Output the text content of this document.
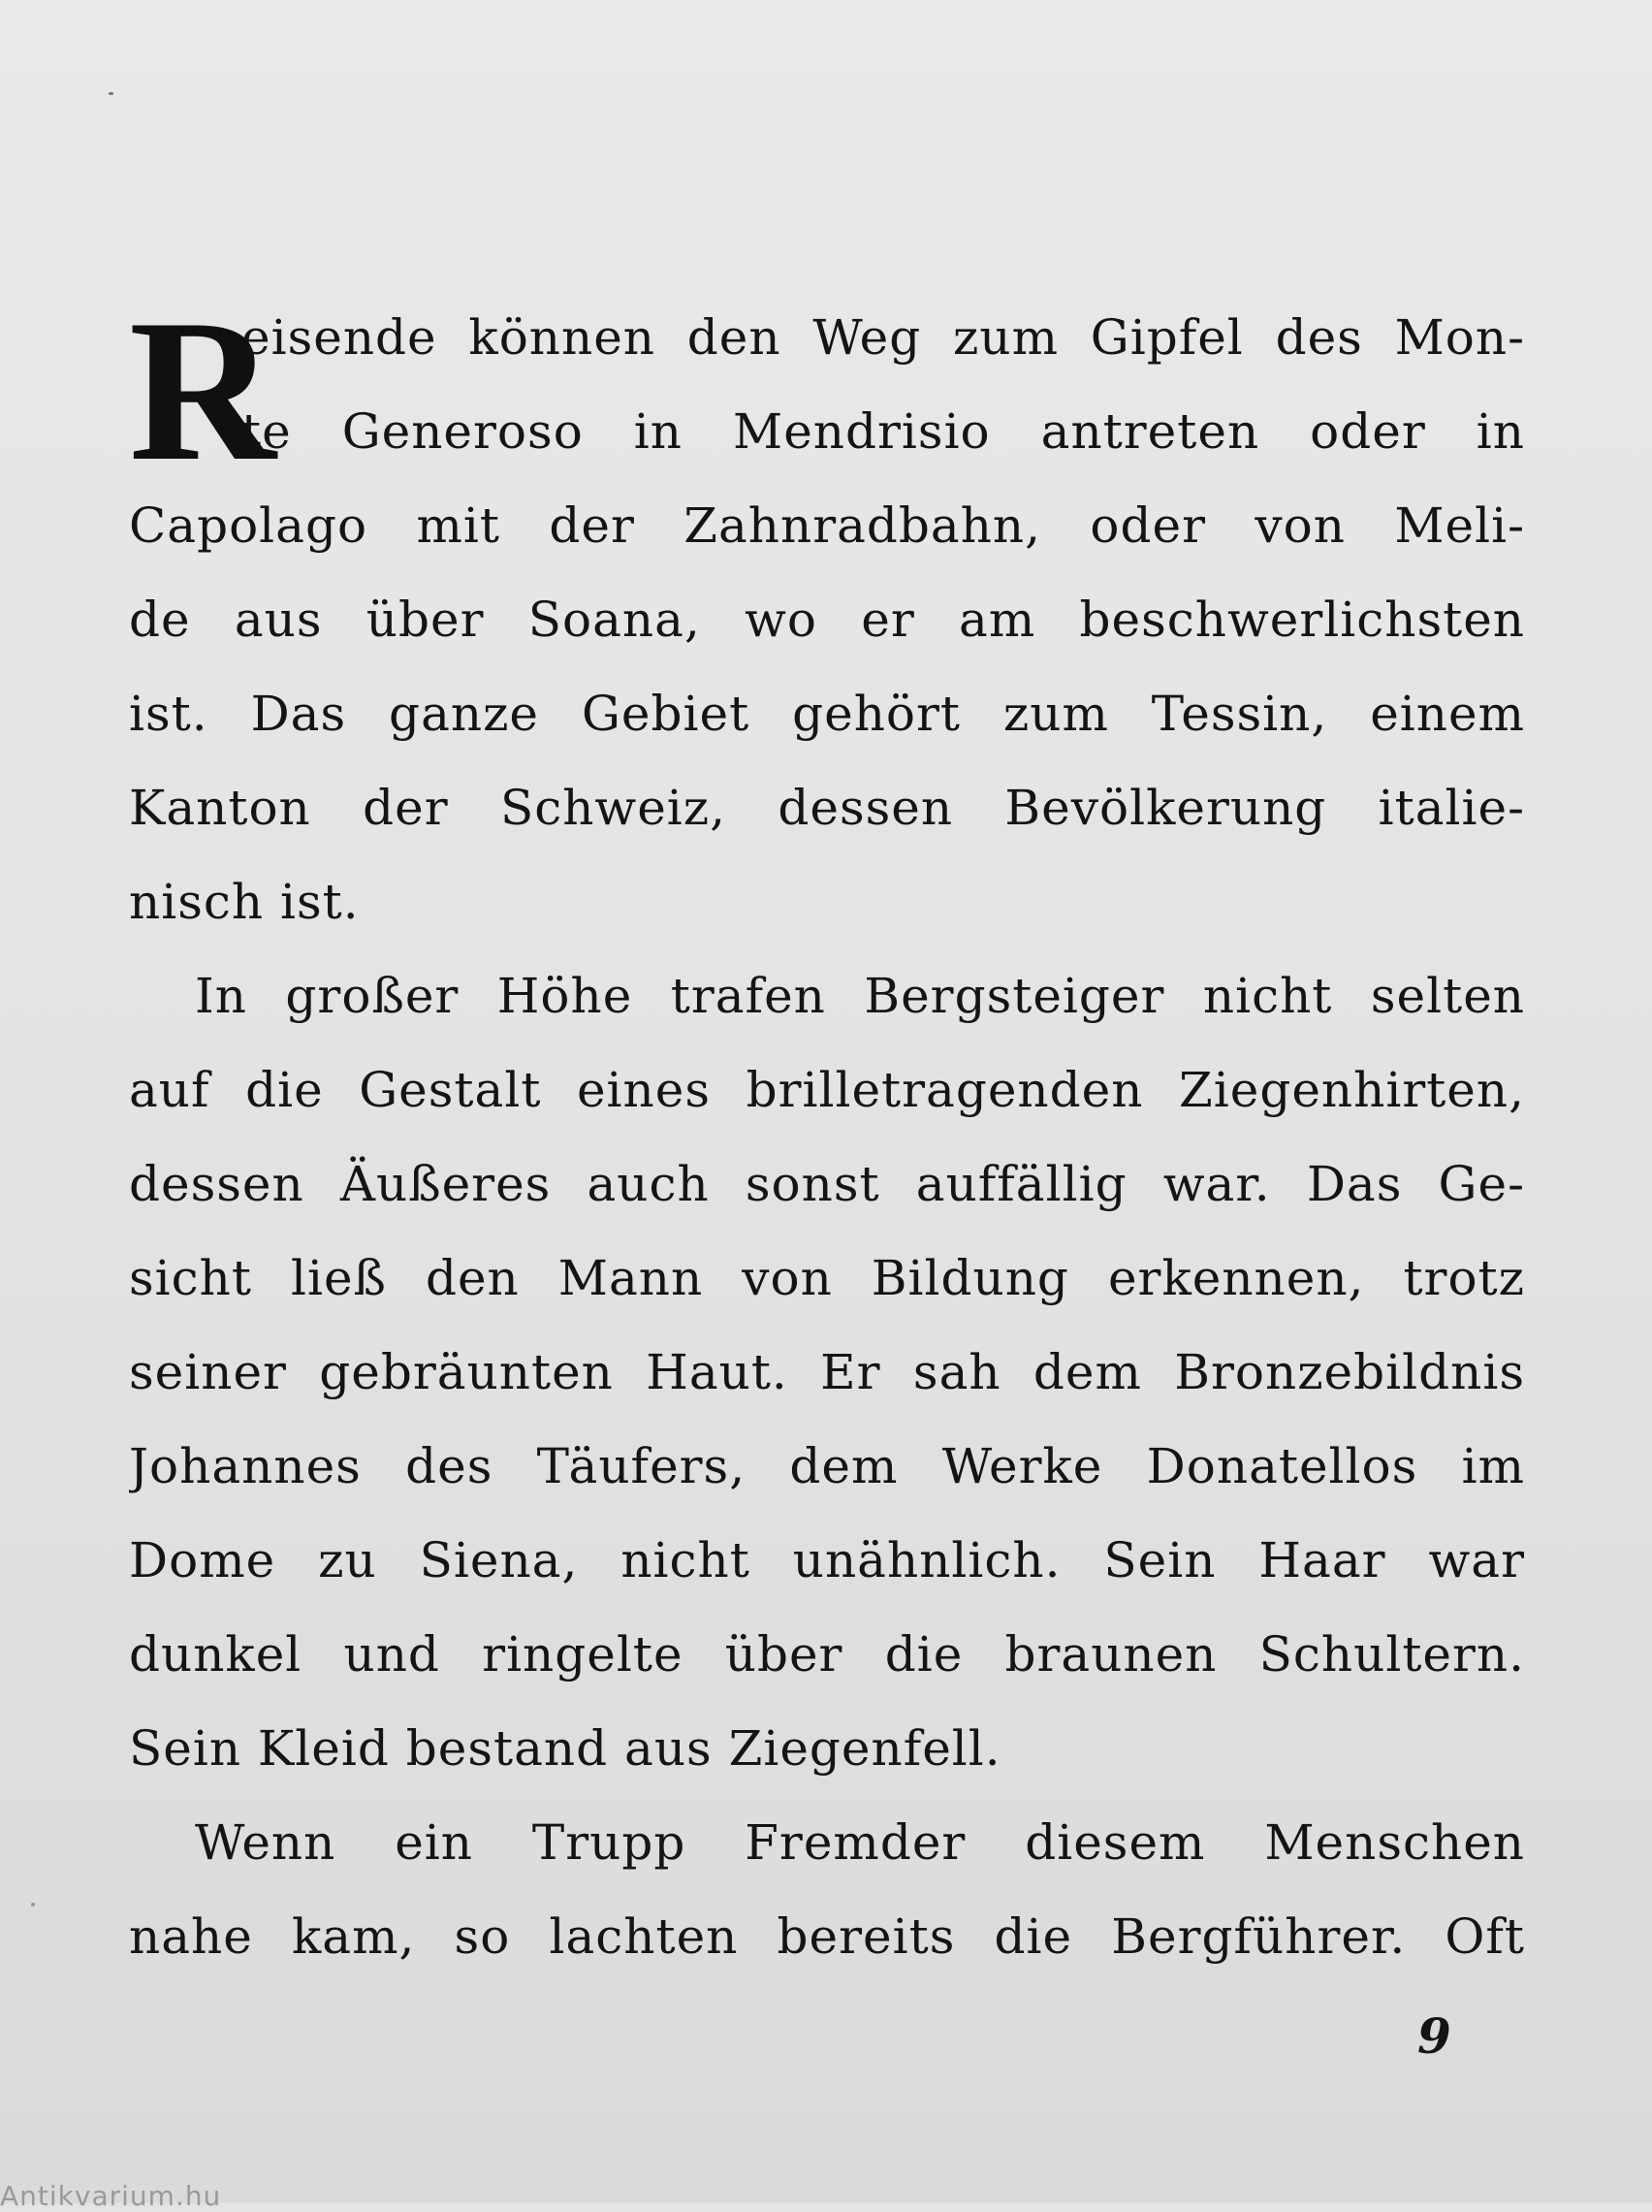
R
eisende können den Weg zum Gipfel des Mon-
te Generoso in Mendrisio antreten oder in
Capolago mit der Zahnradbahn, oder von Meli-
de aus über Soana, wo er am beschwerlichsten
ist. Das ganze Gebiet gehört zum Tessin, einem
Kanton der Schweiz, dessen Bevölkerung italie-
nisch ist.
In großer Höhe trafen Bergsteiger nicht selten
auf die Gestalt eines brilletragenden Ziegenhirten,
dessen Äußeres auch sonst auffällig war. Das Ge-
sicht ließ den Mann von Bildung erkennen, trotz
seiner gebräunten Haut. Er sah dem Bronzebildnis
Johannes des Täufers, dem Werke Donatellos im
Dome zu Siena, nicht unähnlich. Sein Haar war
dunkel und ringelte über die braunen Schultern.
Sein Kleid bestand aus Ziegenfell.
Wenn ein Trupp Fremder diesem Menschen
nahe kam, so lachten bereits die Bergführer. Oft
9
Antikvarium.hu
